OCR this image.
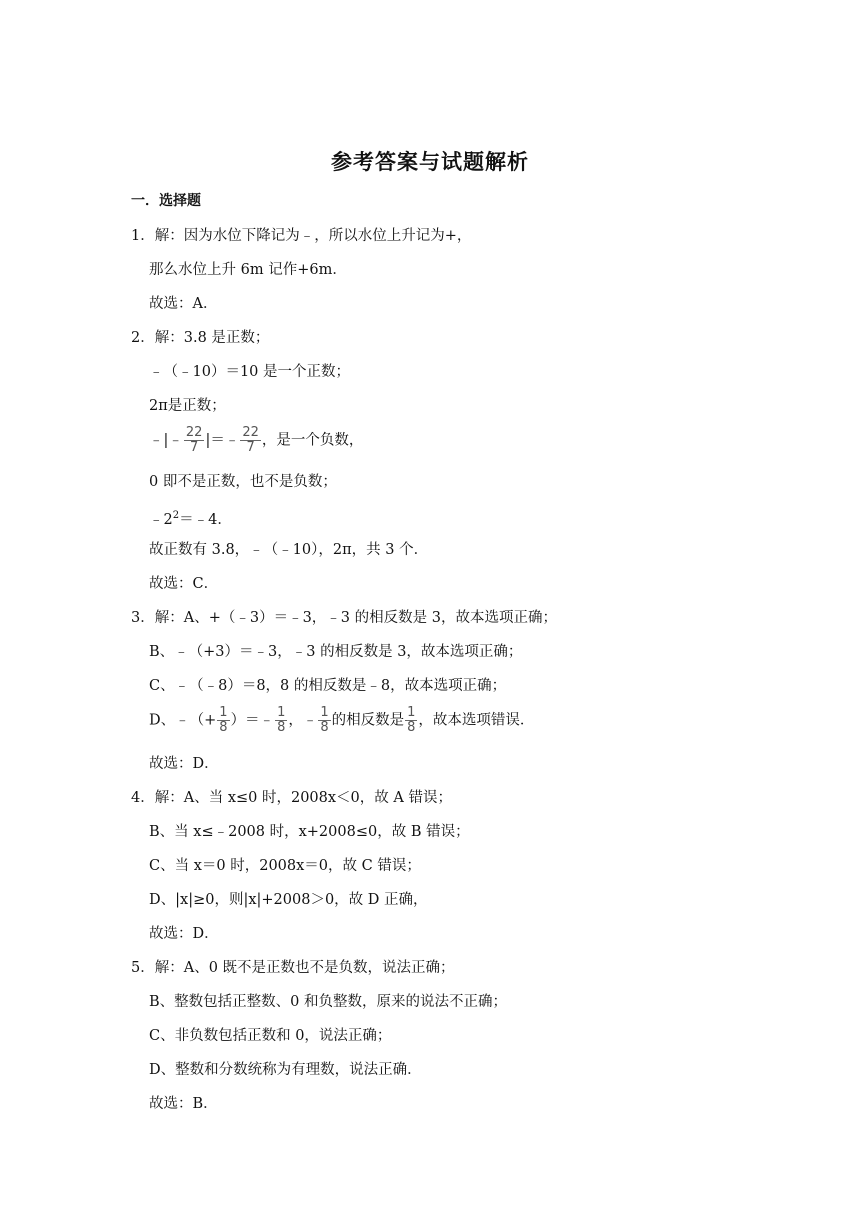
参考答案与试题解析
一．选择题
1．解：因为水位下降记为﹣，所以水位上升记为+，
那么水位上升 6m 记作+6m．
故选：A．
2．解：3.8 是正数；
﹣（﹣10）＝10 是一个正数；
2π是正数；
﹣|﹣ $\frac{22}{7}$ |＝﹣ $\frac{22}{7}$ ，是一个负数，
0 即不是正数，也不是负数；
$﹣2^2=﹣4$．
故正数有 3.8，﹣（﹣10），2π，共 3 个．
故选：C．
3．解：A、+（﹣3）＝﹣3，﹣3 的相反数是 3，故本选项正确；
B、﹣（+3）＝﹣3，﹣3 的相反数是 3，故本选项正确；
C、﹣（﹣8）＝8，8 的相反数是﹣8，故本选项正确；
D、﹣（+ $\frac{1}{8}$ ）＝﹣ $\frac{1}{8}$ ，﹣ $\frac{1}{8}$ 的相反数是 $\frac{1}{8}$ ，故本选项错误．
故选：D．
4．解：A、当 x≤0 时，2008x＜0，故 A 错误；
B、当 x≤﹣2008 时，x+2008≤0，故 B 错误；
C、当 x＝0 时，2008x＝0，故 C 错误；
D、|x|≥0，则|x|+2008＞0，故 D 正确，
故选：D．
5．解：A、0 既不是正数也不是负数，说法正确；
B、整数包括正整数、0 和负整数，原来的说法不正确；
C、非负数包括正数和 0，说法正确；
D、整数和分数统称为有理数，说法正确．
故选：B．
